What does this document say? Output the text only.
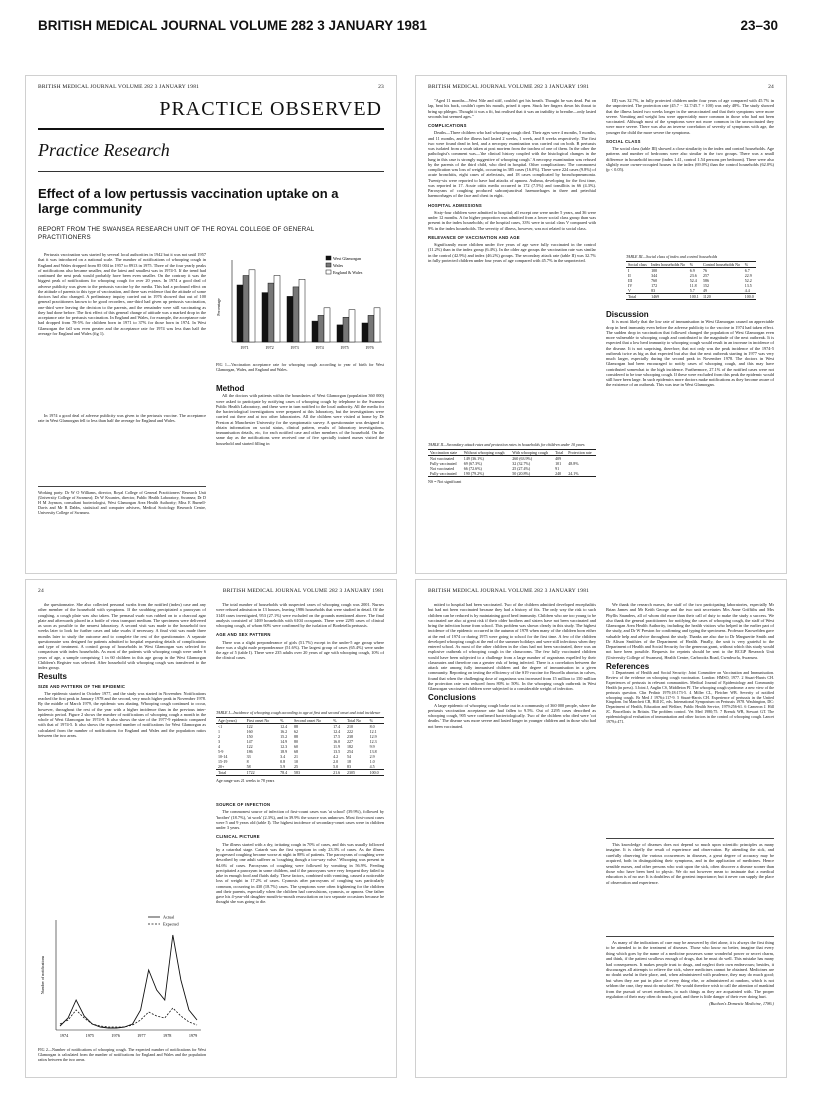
BRITISH MEDICAL JOURNAL VOLUME 282 3 JANUARY 1981	23–30
BRITISH MEDICAL JOURNAL VOLUME 282 3 JANUARY 1981	23
PRACTICE OBSERVED
Practice Research
Effect of a low pertussis vaccination uptake on a large community
REPORT FROM THE SWANSEA RESEARCH UNIT OF THE ROYAL COLLEGE OF GENERAL PRACTITIONERS

Pertussis vaccination was started by several local authorities in 1942 but it was not until 1957 that it was introduced on a national scale. The number of notifications of whooping cough in England and Wales dropped from 85 004 in 1957 to 8913 in 1975. Three of the four yearly peaks of notifications also became smaller, and the latest and smallest was in 1974-5. If the trend had continued the next peak would probably have been even smaller. On the contrary it was the biggest peak of notifications for whooping cough for over 20 years. In 1974 a good deal of adverse publicity was given to the pertussis vaccine by the media. This had a profound effect on the attitude of parents to this type of vaccination, and there was evidence that the attitude of some doctors had also changed. A preliminary inquiry carried out in 1976 showed that out of 100 general practitioners known to be good recorders, one-third had given up pertussis vaccination, one-third were leaving the decision to the parents, and the remainder were still vaccinating as they had done before. The first effect of this general change of attitude was a marked drop in the acceptance rate for pertussis vaccination. In England and Wales, for example, the acceptance rate had dropped from 78-5% for children born in 1971 to 37% for those born in 1974. In West Glamorgan the fall was even greater and the acceptance rate for 1974 was less than half the average for England and Wales (fig 1).

Working party: Dr W O Williams, director, Royal College of General Practitioners' Research Unit (University College of Swansea); Dr W Kwantes, director, Public Health Laboratory, Swansea; Dr D H M Joynson, consultant bacteriologist, West Glamorgan Area Health Authority; Miss E Burnell-Davis and Mr R Dabbs, statistical and computer advisers, Medical Sociology Research Centre, University College of Swansea.

In 1974 a good deal of adverse publicity was given to the pertussis vaccine. The acceptance rate in West Glamorgan fell to less than half the average for England and Wales.

Percentage
1971	1972	1973	1974	1975	1976
West Glamorgan
Wales
England & Wales

FIG 1—Vaccination acceptance rate for whooping cough according to year of birth for West Glamorgan, Wales, and England and Wales.

Method

All the doctors with patients within the boundaries of West Glamorgan (population 360 000) were asked to participate by notifying cases of whooping cough by telephone to the Swansea Public Health Laboratory, and these were in turn notified to the local authority. All the media for the bacteriological investigations were prepared at this laboratory, but the investigations were carried out there and at two other laboratories. All the children were visited at home by Dr Preston at Manchester University for the symptomatic survey. A questionnaire was designed to obtain information on social status, clinical pattern, results of laboratory investigations, immunisation details, etc, for each notified case and other members of the household. On the same day as the notifications were received one of five specially trained nurses visited the household and started filling in

BRITISH MEDICAL JOURNAL VOLUME 282 3 JANUARY 1981	24

"Aged 11 months—West Nile and stiff, couldn't get his breath. Thought he was dead. Put on lap, beat his back, couldn't open his mouth, prised it open. Stuck her fingers down his throat to bring up phlegm. Thought it was a fit, but realised that it was an inability to breathe—only lasted seconds but seemed ages."

COMPLICATIONS

Deaths—Three children who had whooping cough died. Their ages were 4 months, 5 months, and 11 months, and the illness had lasted 2 weeks, 1 week, and 8 weeks respectively. The first two were found dead in bed, and a necropsy examination was carried out on both. B pertussis was isolated from a swab taken at post mortem from the trachea of one of them. In the other the pathologist's comment was—'the clinical history coupled with the histological changes in the lung in this case is strongly suggestive of whooping cough.' A necropsy examination was refused by the parents of the third child, who died in hospital. Other complications: The commonest complication was loss of weight, occurring in 385 cases (16.0%). There were 224 cases (9.8%) of acute bronchitis, eight cases of atelectasis, and 18 cases complicated by bronchopneumonia. Twenty-six were reported to have had attacks of apnoea. Asthma, developing for the first time, was reported in 17. Acute otitis media occurred in 172 (7.5%) and tonsillitis in 66 (4.3%). Paroxysms of coughing produced subconjunctival haemorrhages in three and petechial haemorrhages of the face and chest in eight.

HOSPITAL ADMISSIONS

Sixty-four children were admitted to hospital; all except one were under 5 years, and 36 were under 12 months. A far higher proportion was admitted from a lower social class group than was present in the index households; of the hospital cases, 33% were in social class V compared with 9% in the index households. The severity of illness, however, was not related to social class.

RELEVANCE OF VACCINATION AND AGE

Significantly more children under five years of age were fully vaccinated in the control (11.2%) than in the index group (6.4%). In the older age groups the vaccination rate was similar in the control (42.9%) and index (46.2%) groups. The secondary attack rate (table II) was 32.7% in fully protected children under four years of age compared with 45.7% in the unprotected.

TABLE II—Secondary attack rates and protection rates in households for children under 10 years
Vaccination state	Without whooping cough	With whooping cough	Total	Protection rate
Not vaccinated	149 (36.1%)	260 (63.9%)	409	
Fully vaccinated	69 (67.3%)	32 (32.7%)	101	48.8%
Not vaccinated	66 (72.6%)	25 (27.4%)	91	
Fully vaccinated	190 (79.2%)	50 (20.8%)	240	24.1%
NS = Not significant

III) was 32.7%, in fully protected children under four years of age compared with 45.7% in the unprotected. The protection rate (45.7 − 32.7/45.7 × 100) was only 48%. The study showed that the illness lasted two weeks longer in the unvaccinated and that their symptoms were more severe. Vomiting and weight loss were appreciably more common in those who had not been vaccinated. Although most of the symptoms were not more common in the unvaccinated they were more severe. There was also an inverse correlation of severity of symptoms with age, the younger the child the more severe the symptoms.

SOCIAL CLASS

The social class (table III) showed a close similarity in the index and control households. Age patterns and number of bedrooms were also similar in the two groups. There was a small difference in household income (index 1.41, control 1.54 persons per bedroom). There were also slightly more owner-occupied houses in the index (69.0%) than the control households (62.0%) (p < 0.05).

TABLE III—Social class of index and control households
Social class	Index households No	%	Control households No	%
I	100	6.9	76	6.7
II	344	23.6	257	22.9
III	760	52.4	586	52.2
IV	172	11.8	152	13.5
V	83	5.7	49	4.4
Total	1469	100.1	1120	100.0

Discussion

It is most likely that the low rate of immunisation in West Glamorgan caused an appreciable drop in herd immunity even before the adverse publicity to the vaccine in 1974 had taken effect. The sudden drop in vaccination that followed changed the population of West Glamorgan even more vulnerable to whooping cough and contributed to the magnitude of the next outbreak. It is expected that a low herd immunity to whooping cough would result in an increase in incidence of the disease. It is not surprising, therefore, that not only was the peak incidence of the 1974-5 outbreak twice as big as that expected but also that the next outbreak starting in 1977 was very much larger, especially during the second peak in November 1978. The doctors in West Glamorgan had been encouraged to notify cases of whooping cough, and this may have contributed somewhat to the high incidence. Furthermore, 27.1% of the notified cases were not considered to be true whooping cough. If these were excluded from this peak the epidemic would still have been large. In such epidemics more doctors make notifications as they become aware of the existence of an outbreak. This was true in West Glamorgan.

24	BRITISH MEDICAL JOURNAL VOLUME 282 3 JANUARY 1981

the questionnaire. She also collected personal swabs from the notified (index) case and any other member of the household with symptoms. If the swabbing precipitated a paroxysm of coughing, a cough plate was also taken. The pernasal swab was rubbed on to a charcoal agar plate and afterwards placed in a bottle of virus transport medium. The specimens were delivered as soon as possible to the nearest laboratory. A second visit was made to the household two weeks later to look for further cases and take swabs if necessary. A final visit was made three months later to study the outcome and to complete the rest of the questionnaire. A separate questionnaire was designed for patients admitted to hospital requesting details of complications and type of treatment. A control group of households in West Glamorgan was selected for comparison with index households. As most of the patients with whooping cough were under 6 years of age, a sample comprising 1 in 60 children in this age group in the West Glamorgan Children's Register was selected. After household with whooping cough was transferred to the index group.

Results

SIZE AND PATTERN OF THE EPIDEMIC

The epidemic started in October 1977, and the study was started in November. Notifications reached the first peak in January 1978 and the second, very much higher peak in November 1978. By the middle of March 1979, the epidemic was abating. Whooping cough continued to occur, however, throughout the rest of the year with a higher incidence than in the previous inter-epidemic period. Figure 2 shows the number of notifications of whooping cough a month in the whole of West Glamorgan for 1974-9. It also shows the size of the 1977-9 epidemic compared with that of 1974-5. It also shows the expected number of notifications for West Glamorgan as calculated from the number of notifications for England and Wales and the population ratios between the two areas.

Number of notifications
1974	1975	1976	1977	1978	1979
Actual
Expected

FIG 2—Number of notifications of whooping cough. The expected number of notifications for West Glamorgan is calculated from the number of notifications for England and Wales and the population ratios between the two areas.

The total number of households with suspected cases of whooping cough was 2001. Nurses were refused admission in 13 houses, leaving 1986 households that were studied in detail. Of the 3148 cases investigated, 953 (27.1%) were excluded on the grounds mentioned above. The final analysis consisted of 1469 households with 6104 occupants. There were 2295 cases of clinical whooping cough, of whom 60% were confirmed by the isolation of Bordetella pertussis.

AGE AND SEX PATTERN

There was a slight preponderance of girls (51.7%) except in the under-5 age group where there was a slight male preponderance (51.6%). The largest group of cases (65.4%) were under the age of 5 (table I). There were 235 adults over 20 years of age with whooping cough, 10% of the clinical cases.

TABLE I—Incidence of whooping cough according to age at first and second onset and total incidence
Age (years)	First onset No	%	Second onset No	%	Total No	%
<1	122	12.4	88	17.4	210	8.0
1	160	16.2	62	12.4	222	12.1
2	150	15.2	88	17.5	238	12.9
3	147	14.9	80	16.0	227	12.3
4	122	12.3	60	11.9	182	9.9
5-9	186	18.9	68	13.5	254	13.8
10-14	33	3.4	21	4.2	54	2.9
15-19	8	0.8	10	2.0	18	1.0
20+	58	5.9	25	5.0	83	4.5
Total	1722	78.4	583	21.6	2305	100.0
Age range was 21 weeks to 78 years

SOURCE OF INFECTION

The commonest source of infection of first-count cases was 'at school' (39.9%), followed by 'brother' (18.7%), 'at work' (2.3%), and in 39.9% the source was unknown. Most first-count cases were 5 and 9 years old (table I). The highest incidence of secondary-onset cases were in children under 3 years.

CLINICAL PICTURE

The illness started with a dry, irritating cough in 70% of cases, and this was usually followed by a catarrhal stage. Catarrh was the first symptom in only 23.3% of cases. As the illness progressed coughing became worse at night in 88% of patients. The paroxysms of coughing were described by one adult sufferer as 'coughing though a too-way valve.' Whooping was present in 64.6% of cases. Paroxysms of coughing were followed by vomiting in 56.9%. Feeding precipitated a paroxysm in some children, and if the paroxysms were very frequent they failed to take in enough food and fluids daily. These factors, combined with vomiting, caused a noticeable loss of weight in 17.2% of cases. Cyanosis after paroxysms of coughing was particularly common, occurring in 430 (18.7%) cases. The symptoms were often frightening for the children and their parents, especially when the children had convulsions, cyanosis, or apnoea. One father gave his 4-year-old daughter mouth-to-mouth resuscitation on two separate occasions because he thought she was going to die.

BRITISH MEDICAL JOURNAL VOLUME 282 3 JANUARY 1981

mitted to hospital had been vaccinated. Two of the children admitted developed encephalitis but had not been vaccinated because they had a history of fits. The only way the risk to such children can be reduced is by maintaining good herd immunity. Children who are too young to be vaccinated are also at great risk if their older brothers and sisters have not been vaccinated and bring the infection home from school. This problem was shown clearly in this study. The highest incidence of the epidemic occurred in the autumn of 1978 when many of the children born either at the end of 1974 or during 1975 were going to school for the first time. A few of the children developed whooping cough at the end of the summer holidays and were still infectious when they entered school. As most of the other children in the class had not been vaccinated, there was an explosive outbreak of whooping cough in the classrooms. The few fully vaccinated children would have been subjected to a challenge from a large number of organisms expelled by their classmates and therefore ran a greater risk of being infected. There is a correlation between the attack rate among fully immunised children and the degree of immunisation in a given community. Reporting on testing the efficiency of the S19 vaccine for Brucella abortus in calves, found that when the challenging dose of organisms was increased from 15 million to 150 million the protection rate was reduced from 80% to 50%. In the whooping cough outbreak in West Glamorgan vaccinated children were subjected to a considerable weight of infection.

Conclusions

A large epidemic of whooping cough broke out in a community of 360 000 people, where the pertussis vaccination acceptance rate had fallen to 9.5%. Out of 2295 cases described as whooping cough, 905 were confirmed bacteriologically. Two of the children who died were 'cot deaths.' The disease was more severe and lasted longer in younger children and in those who had not been vaccinated.

We thank the research nurses, the staff of the two participating laboratories, especially Mr Brian James and Mr Keith George and the two unit secretaries Mrs Anne Griffiths and Mrs Phyllis Saunders, all of whom did more than their call of duty to make the study a success. We also thank the general practitioners for notifying the cases of whooping cough, the staff of West Glamorgan Area Health Authority, including the health visitors who helped in the earlier part of the study, and Dr W Preston for confirming and typing the specimens. Professor Knowelden gave valuable help and advice throughout the study. Thanks are also due to Dr Marguerite Smith and Dr Alison Smithies of the Department of Health. Finally, the unit is very grateful to the Department of Health and Social Security for the generous grant, without which this study would not have been possible. Requests for reprints should be sent to the RCGP Research Unit (University College of Swansea), Health Centre, Carbrooks Road, Cwmbwrla, Swansea.

References

1 Department of Health and Social Security: Joint Committee on Vaccination and Immunisation. Review of the evidence on whooping cough vaccination. London: HMSO, 1977. 2 Stuart-Harris CH. Experiences of pertussis in relevant communities. Medical Journal of Epidemiology and Community Health (in press). 3 Joint J, Anglin CS, Middleton PJ. The whooping cough syndrome: a new view of the pertussis question. Clin Pediatr 1979;18:173-5. 4 Miller CL, Fletcher WB. Severity of notified whooping cough. Br Med J 1976;i:117-9. 5 Stuart-Harris CH. Experience of pertussis in the United Kingdom. Int Manchett CR, Hill JC, eds. International Symposium on Pertussis 1978. Washington, DC: Department of Health, Education and Welfare, Public Health Service, 1979:256-61. 6 Cameron J. Hill JC. Brucellosis in Britain. The problem control. Vet Med 1980;75. 7 Brenck WB, Stewart GT. The epidemiological evaluation of immunisation and other factors in the control of whooping cough. Lancet 1979;i:471.

This knowledge of diseases does not depend so much upon scientific principles as many imagine. It is chiefly the result of experience and observation. By attending the sick, and carefully observing the various occurrences in diseases, a great degree of accuracy may be acquired, both in distinguishing their symptoms, and in the application of medicines. Hence sensible nurses, and other persons who wait upon the sick, often discover a disease sooner than those who have been bred to physic. We do not however mean to insinuate that a medical education is of no use: It is doubtless of the greatest importance; but it never can supply the place of observation and experience.

As many of the indications of cure may be answered by diet alone, it is always the first thing to be attended to in the treatment of diseases. Those who know no better, imagine that every thing which goes by the name of a medicine possesses some wonderful power or secret charm, and think, if the patient swallows enough of drugs, that he must do well. This mistake has many bad consequences. It makes people trust to drugs, and neglect their own endeavours; besides, it discourages all attempts to relieve the sick, where medicines cannot be obtained. Medicines are no doubt useful in their place, and, when administered with prudence, they may do much good; but when they are put in place of every thing else, or administered at random, which is not seldom the case, they must do mischief. We would therefore wish to call the attention of mankind from the pursuit of secret medicines, to such things as they are acquainted with. The proper regulation of their may often do much good, and there is little danger of their ever doing hurt.

(Buchan's Domestic Medicine, 1786.)
